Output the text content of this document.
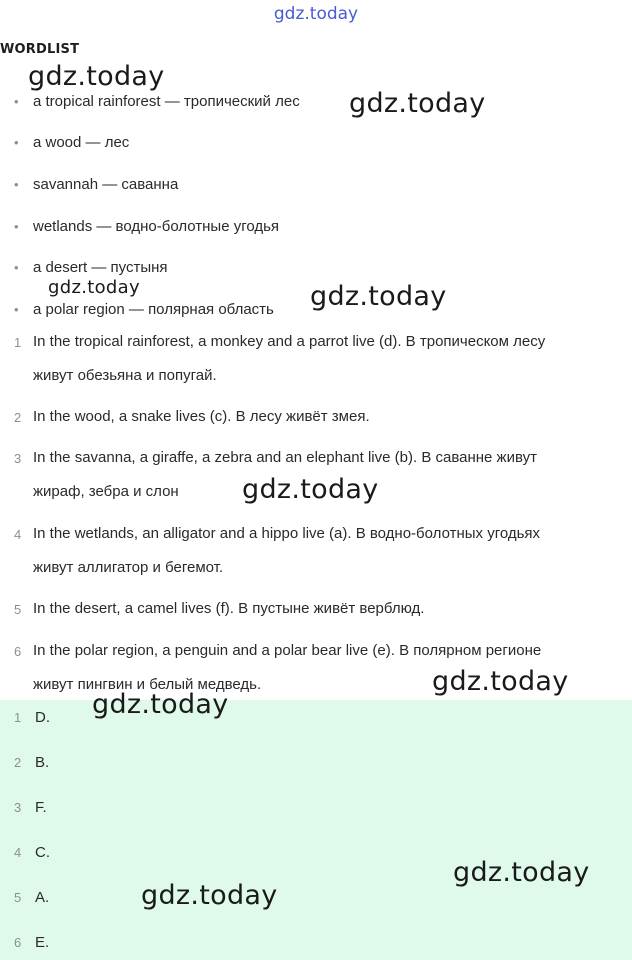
gdz.today
WORDLIST
• a tropical rainforest — тропический лес
• a wood — лес
• savannah — саванна
• wetlands — водно-болотные угодья
• a desert — пустыня
• a polar region — полярная область
1 In the tropical rainforest, a monkey and a parrot live (d). В тропическом лесу
живут обезьяна и попугай.
2 In the wood, a snake lives (c). В лесу живёт змея.
3 In the savanna, a giraffe, a zebra and an elephant live (b). В саванне живут
жираф, зебра и слон
4 In the wetlands, an alligator and a hippo live (a). В водно-болотных угодьях
живут аллигатор и бегемот.
5 In the desert, a camel lives (f). В пустыне живёт верблюд.
6 In the polar region, a penguin and a polar bear live (e). В полярном регионе
живут пингвин и белый медведь.
1 D.
2 B.
3 F.
4 C.
5 A.
6 E.
gdz.today
gdz.today
gdz.today	gdz.today
gdz.today
gdz.today
gdz.today
gdz.today
gdz.today
